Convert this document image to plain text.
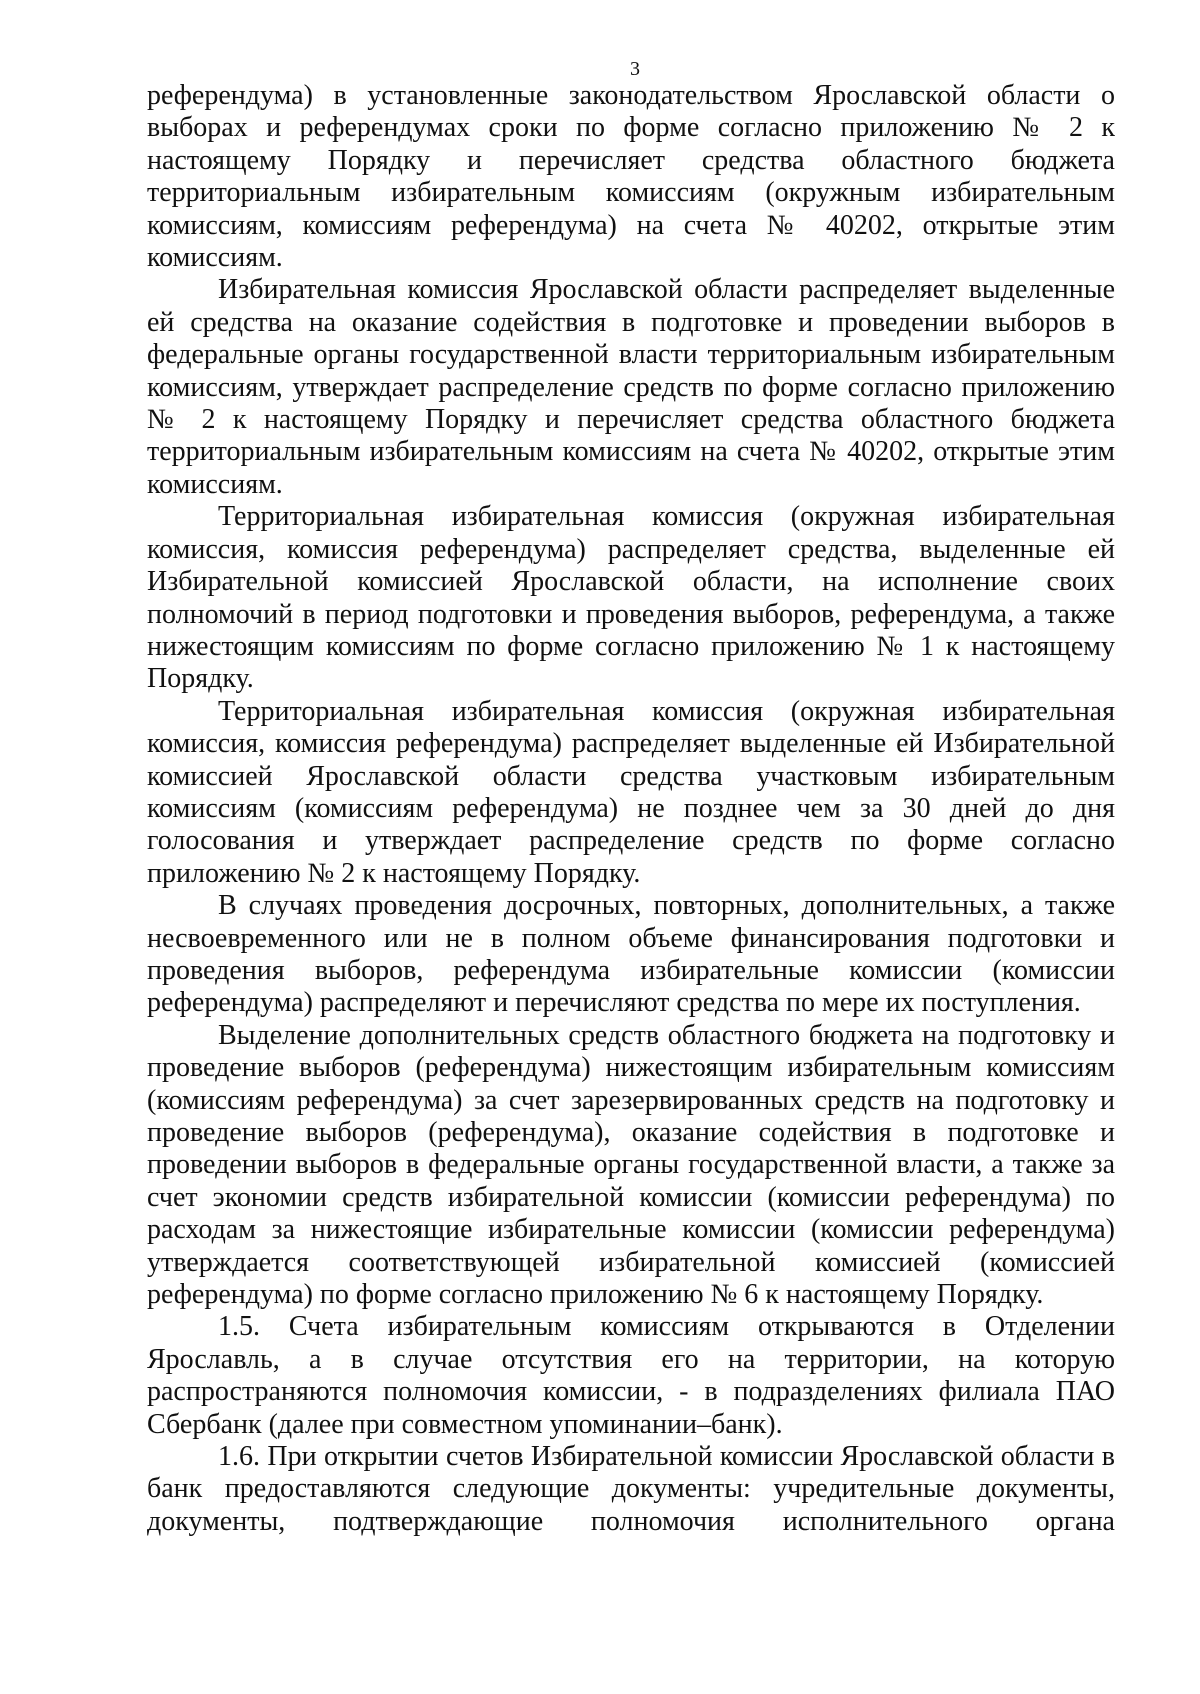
3

референдума) в установленные законодательством Ярославской области о выборах и референдумах сроки по форме согласно приложению № 2 к настоящему Порядку и перечисляет средства областного бюджета территориальным избирательным комиссиям (окружным избирательным комиссиям, комиссиям референдума) на счета № 40202, открытые этим комиссиям.

Избирательная комиссия Ярославской области распределяет выделенные ей средства на оказание содействия в подготовке и проведении выборов в федеральные органы государственной власти территориальным избирательным комиссиям, утверждает распределение средств по форме согласно приложению № 2 к настоящему Порядку и перечисляет средства областного бюджета территориальным избирательным комиссиям на счета № 40202, открытые этим комиссиям.

Территориальная избирательная комиссия (окружная избирательная комиссия, комиссия референдума) распределяет средства, выделенные ей Избирательной комиссией Ярославской области, на исполнение своих полномочий в период подготовки и проведения выборов, референдума, а также нижестоящим комиссиям по форме согласно приложению № 1 к настоящему Порядку.

Территориальная избирательная комиссия (окружная избирательная комиссия, комиссия референдума) распределяет выделенные ей Избирательной комиссией Ярославской области средства участковым избирательным комиссиям (комиссиям референдума) не позднее чем за 30 дней до дня голосования и утверждает распределение средств по форме согласно приложению № 2 к настоящему Порядку.

В случаях проведения досрочных, повторных, дополнительных, а также несвоевременного или не в полном объеме финансирования подготовки и проведения выборов, референдума избирательные комиссии (комиссии референдума) распределяют и перечисляют средства по мере их поступления.

Выделение дополнительных средств областного бюджета на подготовку и проведение выборов (референдума) нижестоящим избирательным комиссиям (комиссиям референдума) за счет зарезервированных средств на подготовку и проведение выборов (референдума), оказание содействия в подготовке и проведении выборов в федеральные органы государственной власти, а также за счет экономии средств избирательной комиссии (комиссии референдума) по расходам за нижестоящие избирательные комиссии (комиссии референдума) утверждается соответствующей избирательной комиссией (комиссией референдума) по форме согласно приложению № 6 к настоящему Порядку.

1.5. Счета избирательным комиссиям открываются в Отделении Ярославль, а в случае отсутствия его на территории, на которую распространяются полномочия комиссии, - в подразделениях филиала ПАО Сбербанк (далее при совместном упоминании–банк).

1.6. При открытии счетов Избирательной комиссии Ярославской области в банк предоставляются следующие документы: учредительные документы, документы, подтверждающие полномочия исполнительного органа
